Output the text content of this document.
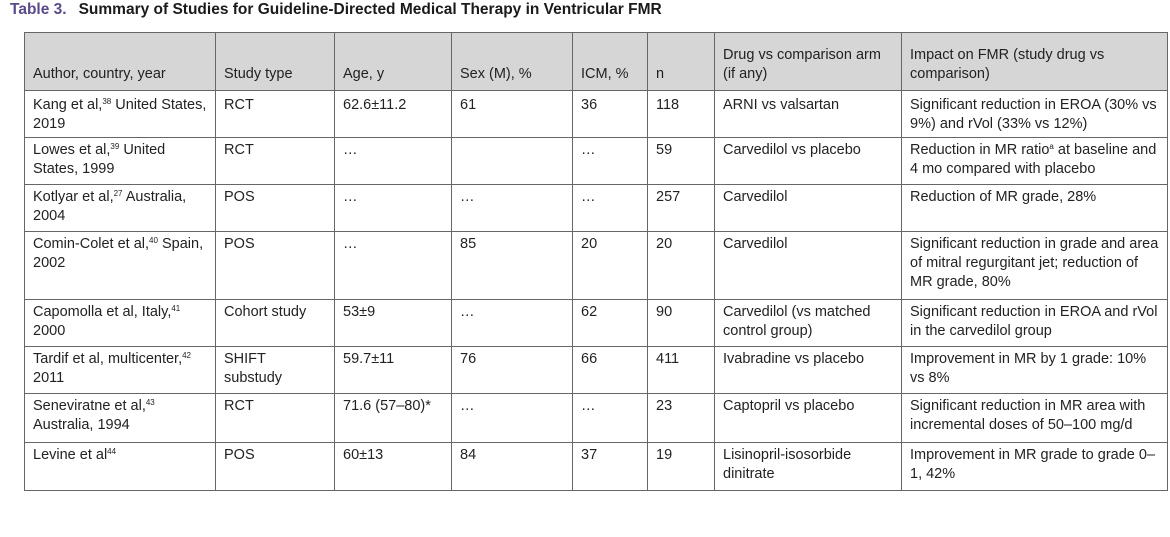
Table 3. Summary of Studies for Guideline-Directed Medical Therapy in Ventricular FMR
Author, country, year	Study type	Age, y	Sex (M), %	ICM, %	n	Drug vs comparison arm (if any)	Impact on FMR (study drug vs comparison)
Kang et al,$^{38}$ United States, 2019	RCT	62.6±11.2	61	36	118	ARNI vs valsartan	Significant reduction in EROA (30% vs 9%) and rVol (33% vs 12%)
Lowes et al,$^{39}$ United States, 1999	RCT	…		…	59	Carvedilol vs placebo	Reduction in MR ratio$^a$ at baseline and 4 mo compared with placebo
Kotlyar et al,$^{27}$ Australia, 2004	POS	…	…	…	257	Carvedilol	Reduction of MR grade, 28%
Comin-Colet et al,$^{40}$ Spain, 2002	POS	…	85	20	20	Carvedilol	Significant reduction in grade and area of mitral regurgitant jet; reduction of MR grade, 80%
Capomolla et al, Italy,$^{41}$ 2000	Cohort study	53±9	…	62	90	Carvedilol (vs matched control group)	Significant reduction in EROA and rVol in the carvedilol group
Tardif et al, multicenter,$^{42}$ 2011	SHIFT substudy	59.7±11	76	66	411	Ivabradine vs placebo	Improvement in MR by 1 grade: 10% vs 8%
Seneviratne et al,$^{43}$ Australia, 1994	RCT	71.6 (57–80)*	…	…	23	Captopril vs placebo	Significant reduction in MR area with incremental doses of 50–100 mg/d
Levine et $al^{44}$	POS	60±13	84	37	19	Lisinopril-isosorbide dinitrate	Improvement in MR grade to grade 0–1, 42%
